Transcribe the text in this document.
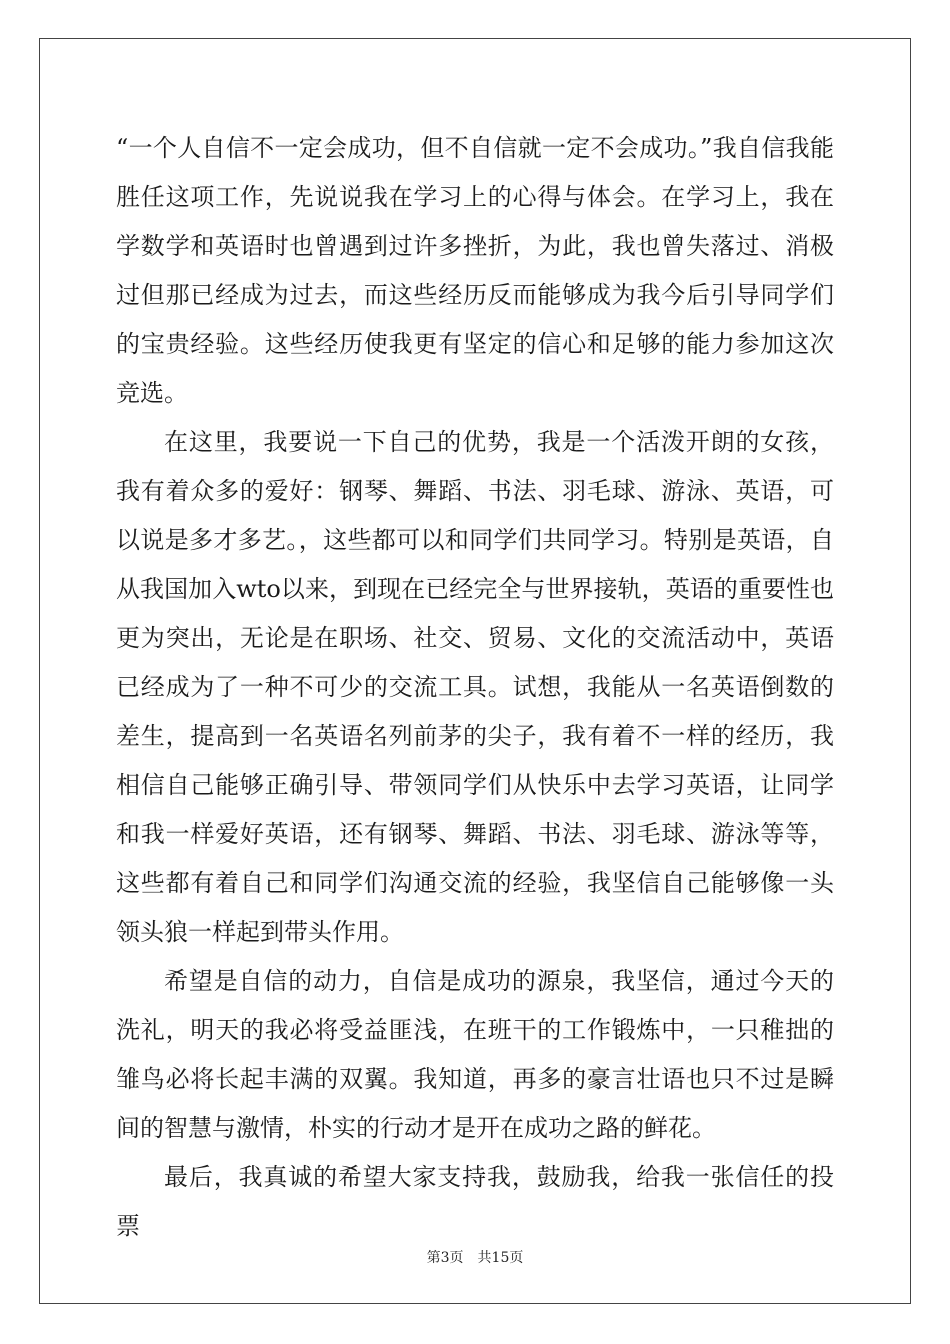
“一个人自信不一定会成功，但不自信就一定不会成功。”我自信我能胜任这项工作，先说说我在学习上的心得与体会。在学习上，我在学数学和英语时也曾遇到过许多挫折，为此，我也曾失落过、消极过但那已经成为过去，而这些经历反而能够成为我今后引导同学们的宝贵经验。这些经历使我更有坚定的信心和足够的能力参加这次竞选。

在这里，我要说一下自己的优势，我是一个活泼开朗的女孩，我有着众多的爱好：钢琴、舞蹈、书法、羽毛球、游泳、英语，可以说是多才多艺。，这些都可以和同学们共同学习。特别是英语，自从我国加入wto以来，到现在已经完全与世界接轨，英语的重要性也更为突出，无论是在职场、社交、贸易、文化的交流活动中，英语已经成为了一种不可少的交流工具。试想，我能从一名英语倒数的差生，提高到一名英语名列前茅的尖子，我有着不一样的经历，我相信自己能够正确引导、带领同学们从快乐中去学习英语，让同学和我一样爱好英语，还有钢琴、舞蹈、书法、羽毛球、游泳等等，这些都有着自己和同学们沟通交流的经验，我坚信自己能够像一头领头狼一样起到带头作用。

希望是自信的动力，自信是成功的源泉，我坚信，通过今天的洗礼，明天的我必将受益匪浅，在班干的工作锻炼中，一只稚拙的雏鸟必将长起丰满的双翼。我知道，再多的豪言壮语也只不过是瞬间的智慧与激情，朴实的行动才是开在成功之路的鲜花。

最后，我真诚的希望大家支持我，鼓励我，给我一张信任的投票

第3页　共15页
